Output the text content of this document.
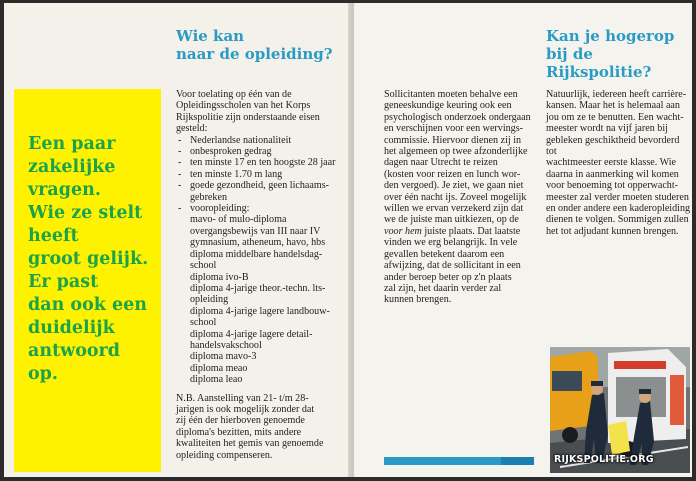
Wie kan
naar de opleiding?
Een paar
zakelijke
vragen.
Wie ze stelt
heeft
groot gelijk.
Er past
dan ook een
duidelijk
antwoord
op.

Voor toelating op één van de
Opleidingsscholen van het Korps
Rijkspolitie zijn onderstaande eisen
gesteld:

- Nederlandse nationaliteit
- onbesproken gedrag
- ten minste 17 en ten hoogste 28 jaar
- ten minste 1.70 m lang
- goede gezondheid, geen lichaams-
gebreken
- vooropleiding:
mavo- of mulo-diploma
overgangsbewijs van III naar IV
gymnasium, atheneum, havo, hbs
diploma middelbare handelsdag-
school
diploma ivo-B
diploma 4-jarige theor.-techn. lts-
opleiding
diploma 4-jarige lagere landbouw-
school
diploma 4-jarige lagere detail-
handelsvakschool
diploma mavo-3
diploma meao
diploma leao

N.B. Aanstelling van 21- t/m 28-
jarigen is ook mogelijk zonder dat
zij één der hierboven genoemde
diploma's bezitten, mits andere
kwaliteiten het gemis van genoemde
opleiding compenseren.

Kan je hogerop
bij de Rijkspolitie?

Sollicitanten moeten behalve een
geneeskundige keuring ook een
psychologisch onderzoek ondergaan
en verschijnen voor een wervings-
commissie. Hiervoor dienen zij in
het algemeen op twee afzonderlijke
dagen naar Utrecht te reizen
(kosten voor reizen en lunch wor-
den vergoed). Je ziet, we gaan niet
over één nacht ijs. Zoveel mogelijk
willen we ervan verzekerd zijn dat
we de juiste man uitkiezen, op de
voor hem juiste plaats. Dat laatste
vinden we erg belangrijk. In vele
gevallen betekent daarom een
afwijzing, dat de sollicitant in een
ander beroep beter op z'n plaats
zal zijn, het daarin verder zal
kunnen brengen.

Natuurlijk, iedereen heeft carrière-
kansen. Maar het is helemaal aan
jou om ze te benutten. Een wacht-
meester wordt na vijf jaren bij
gebleken geschiktheid bevorderd tot
wachtmeester eerste klasse. Wie
daarna in aanmerking wil komen
voor benoeming tot opperwacht-
meester zal verder moeten studeren
en onder andere een kaderopleiding
dienen te volgen. Sommigen zullen
het tot adjudant kunnen brengen.

RIJKSPOLITIE.ORG
